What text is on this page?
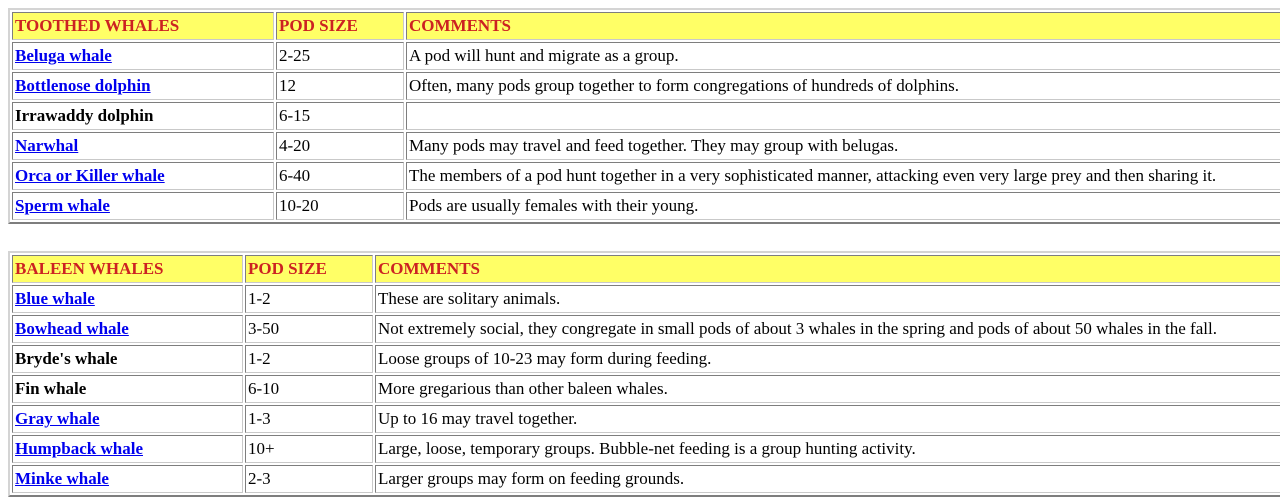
TOOTHED WHALES	POD SIZE	COMMENTS
Beluga whale	2-25	A pod will hunt and migrate as a group.
Bottlenose dolphin	12	Often, many pods group together to form congregations of hundreds of dolphins.
Irrawaddy dolphin	6-15	
Narwhal	4-20	Many pods may travel and feed together. They may group with belugas.
Orca or Killer whale	6-40	The members of a pod hunt together in a very sophisticated manner, attacking even very large prey and then sharing it.
Sperm whale	10-20	Pods are usually females with their young.
BALEEN WHALES	POD SIZE	COMMENTS
Blue whale	1-2	These are solitary animals.
Bowhead whale	3-50	Not extremely social, they congregate in small pods of about 3 whales in the spring and pods of about 50 whales in the fall.
Bryde's whale	1-2	Loose groups of 10-23 may form during feeding.
Fin whale	6-10	More gregarious than other baleen whales.
Gray whale	1-3	Up to 16 may travel together.
Humpback whale	10+	Large, loose, temporary groups. Bubble-net feeding is a group hunting activity.
Minke whale	2-3	Larger groups may form on feeding grounds.
